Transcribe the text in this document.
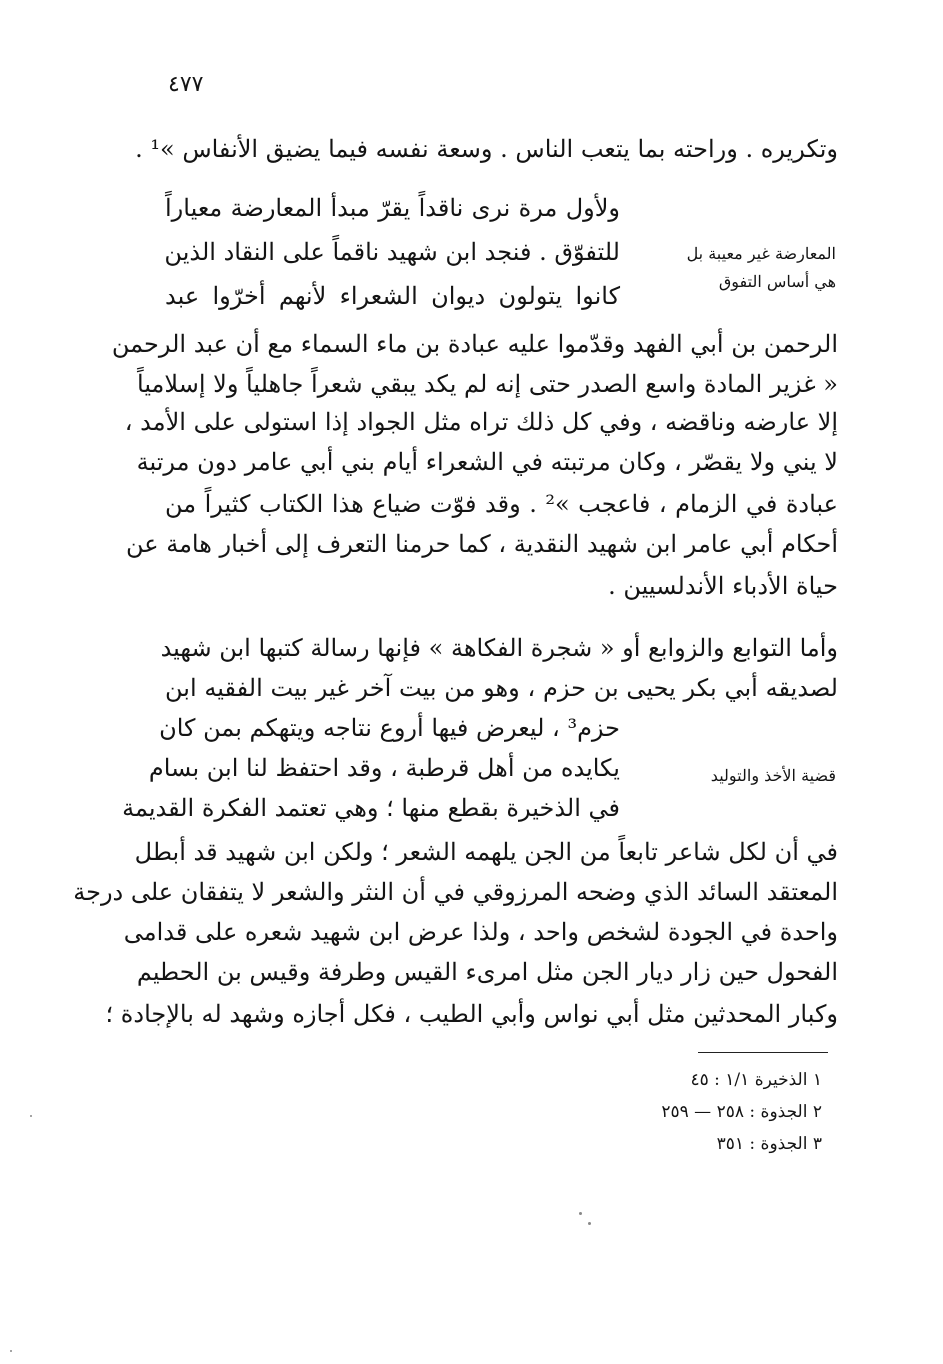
٤٧٧
وتكريره . وراحته بما يتعب الناس . وسعة نفسه فيما يضيق الأنفاس »¹ .
ولأول مرة نرى ناقداً يقرّ مبدأ المعارضة معياراً
للتفوّق . فنجد ابن شهيد ناقماً على النقاد الذين
كانوا يتولون ديوان الشعراء لأنهم أخرّوا عبد
الرحمن بن أبي الفهد وقدّموا عليه عبادة بن ماء السماء مع أن عبد الرحمن
« غزير المادة واسع الصدر حتى إنه لم يكد يبقي شعراً جاهلياً ولا إسلامياً
إلا عارضه وناقضه ، وفي كل ذلك تراه مثل الجواد إذا استولى على الأمد ،
لا يني ولا يقصّر ، وكان مرتبته في الشعراء أيام بني أبي عامر دون مرتبة
عبادة في الزمام ، فاعجب »² . وقد فوّت ضياع هذا الكتاب كثيراً من
أحكام أبي عامر ابن شهيد النقدية ، كما حرمنا التعرف إلى أخبار هامة عن
حياة الأدباء الأندلسيين .
المعارضة غير معيبة بل
هي أساس التفوق
وأما التوابع والزوابع أو « شجرة الفكاهة » فإنها رسالة كتبها ابن شهيد
لصديقه أبي بكر يحيى بن حزم ، وهو من بيت آخر غير بيت الفقيه ابن
حزم³ ، ليعرض فيها أروع نتاجه ويتهكم بمن كان
يكايده من أهل قرطبة ، وقد احتفظ لنا ابن بسام
في الذخيرة بقطع منها ؛ وهي تعتمد الفكرة القديمة
في أن لكل شاعر تابعاً من الجن يلهمه الشعر ؛ ولكن ابن شهيد قد أبطل
المعتقد السائد الذي وضحه المرزوقي في أن النثر والشعر لا يتفقان على درجة
واحدة في الجودة لشخص واحد ، ولذا عرض ابن شهيد شعره على قدامى
الفحول حين زار ديار الجن مثل امرىء القيس وطرفة وقيس بن الحطيم
وكبار المحدثين مثل أبي نواس وأبي الطيب ، فكل أجازه وشهد له بالإجادة ؛
قضية الأخذ والتوليد
١ الذخيرة ١/١ : ٤٥
٢ الجذوة : ٢٥٨ — ٢٥٩
٣ الجذوة : ٣٥١
